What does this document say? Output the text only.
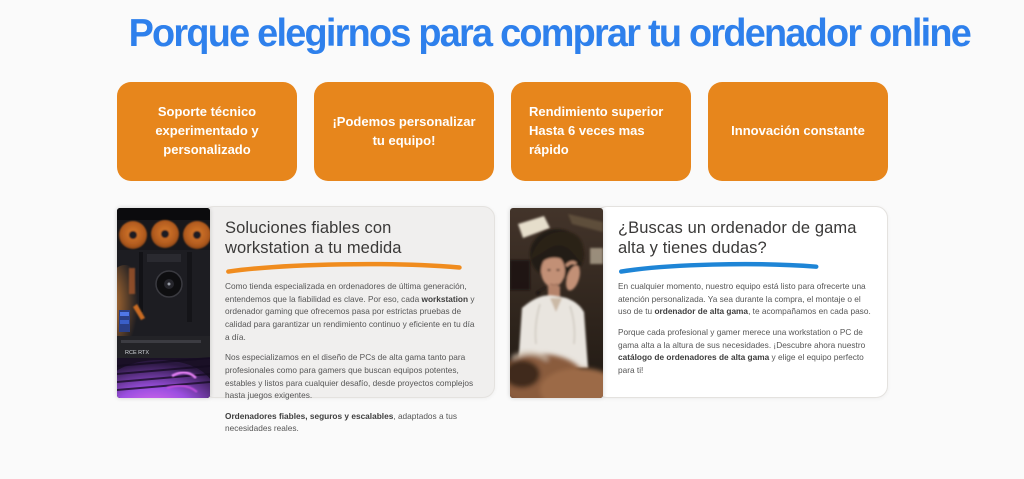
Porque elegirnos para comprar tu ordenador online
Soporte técnico experimentado y personalizado
¡Podemos personalizar tu equipo!
Rendimiento superior
Hasta 6 veces mas rápido
Innovación constante
RCE RTX
Soluciones fiables con workstation a tu medida

Como tienda especializada en ordenadores de última generación, entendemos que la fiabilidad es clave. Por eso, cada workstation y ordenador gaming que ofrecemos pasa por estrictas pruebas de calidad para garantizar un rendimiento continuo y eficiente en tu día a día.

Nos especializamos en el diseño de PCs de alta gama tanto para profesionales como para gamers que buscan equipos potentes, estables y listos para cualquier desafío, desde proyectos complejos hasta juegos exigentes.

Ordenadores fiables, seguros y escalables, adaptados a tus necesidades reales.

¿Buscas un ordenador de gama alta y tienes dudas?

En cualquier momento, nuestro equipo está listo para ofrecerte una atención personalizada. Ya sea durante la compra, el montaje o el uso de tu ordenador de alta gama, te acompañamos en cada paso.

Porque cada profesional y gamer merece una workstation o PC de gama alta a la altura de sus necesidades. ¡Descubre ahora nuestro catálogo de ordenadores de alta gama y elige el equipo perfecto para ti!
